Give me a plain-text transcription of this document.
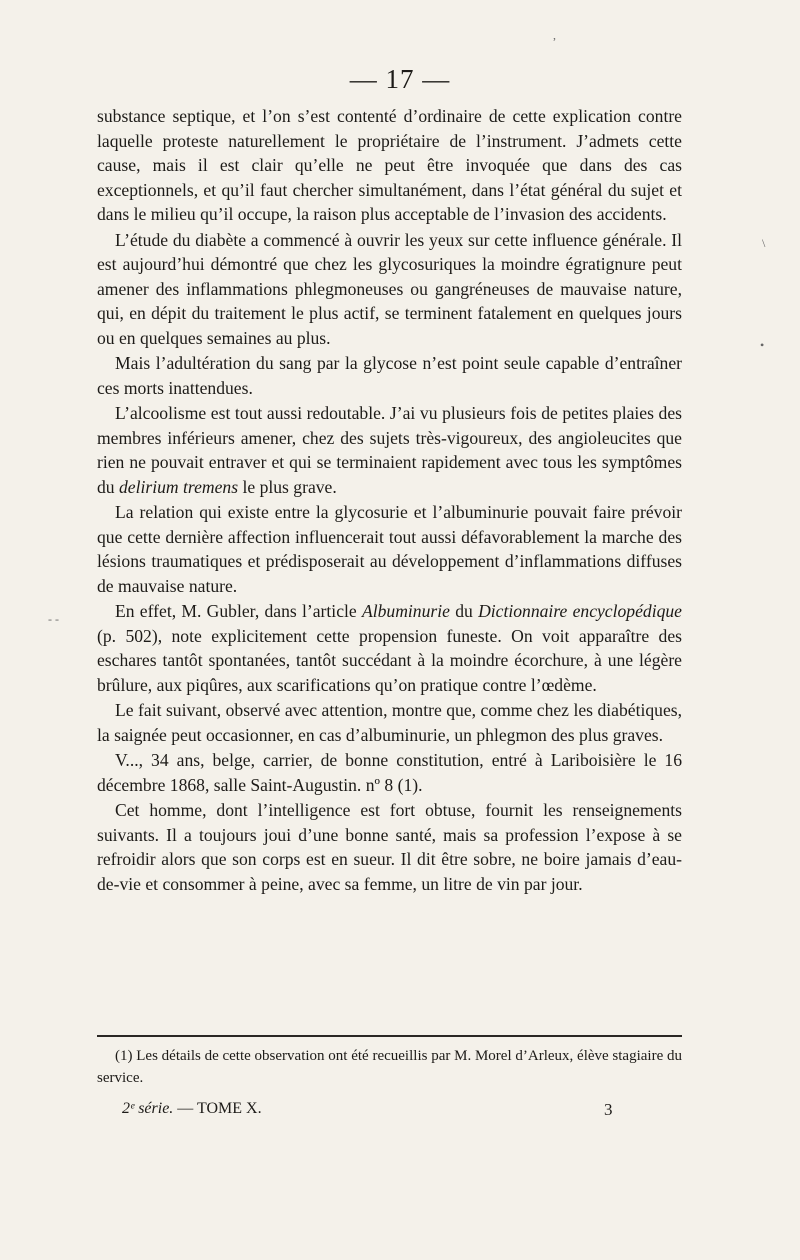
— 17 —

substance septique, et l’on s’est contenté d’ordinaire de cette explication contre laquelle proteste naturellement le propriétaire de l’instrument. J’admets cette cause, mais il est clair qu’elle ne peut être invoquée que dans des cas exceptionnels, et qu’il faut chercher simultanément, dans l’état général du sujet et dans le milieu qu’il occupe, la raison plus acceptable de l’invasion des accidents.

L’étude du diabète a commencé à ouvrir les yeux sur cette influence générale. Il est aujourd’hui démontré que chez les glycosuriques la moindre égratignure peut amener des inflammations phlegmoneuses ou gangréneuses de mauvaise nature, qui, en dépit du traitement le plus actif, se terminent fatalement en quelques jours ou en quelques semaines au plus.

Mais l’adultération du sang par la glycose n’est point seule capable d’entraîner ces morts inattendues.

L’alcoolisme est tout aussi redoutable. J’ai vu plusieurs fois de petites plaies des membres inférieurs amener, chez des sujets très-vigoureux, des angioleucites que rien ne pouvait entraver et qui se terminaient rapidement avec tous les symptômes du delirium tremens le plus grave.

La relation qui existe entre la glycosurie et l’albuminurie pouvait faire prévoir que cette dernière affection influencerait tout aussi défavorablement la marche des lésions traumatiques et prédisposerait au développement d’inflammations diffuses de mauvaise nature.

En effet, M. Gubler, dans l’article Albuminurie du Dictionnaire encyclopédique (p. 502), note explicitement cette propension funeste. On voit apparaître des eschares tantôt spontanées, tantôt succédant à la moindre écorchure, à une légère brûlure, aux piqûres, aux scarifications qu’on pratique contre l’œdème.

Le fait suivant, observé avec attention, montre que, comme chez les diabétiques, la saignée peut occasionner, en cas d’albuminurie, un phlegmon des plus graves.

V..., 34 ans, belge, carrier, de bonne constitution, entré à Lariboisière le 16 décembre 1868, salle Saint-Augustin. nº 8 (1).

Cet homme, dont l’intelligence est fort obtuse, fournit les renseignements suivants. Il a toujours joui d’une bonne santé, mais sa profession l’expose à se refroidir alors que son corps est en sueur. Il dit être sobre, ne boire jamais d’eau-de-vie et consommer à peine, avec sa femme, un litre de vin par jour.

(1) Les détails de cette observation ont été recueillis par M. Morel d’Arleux, élève stagiaire du service.
2ᵉ série. — TOME X.	3
,
\
•
- -
